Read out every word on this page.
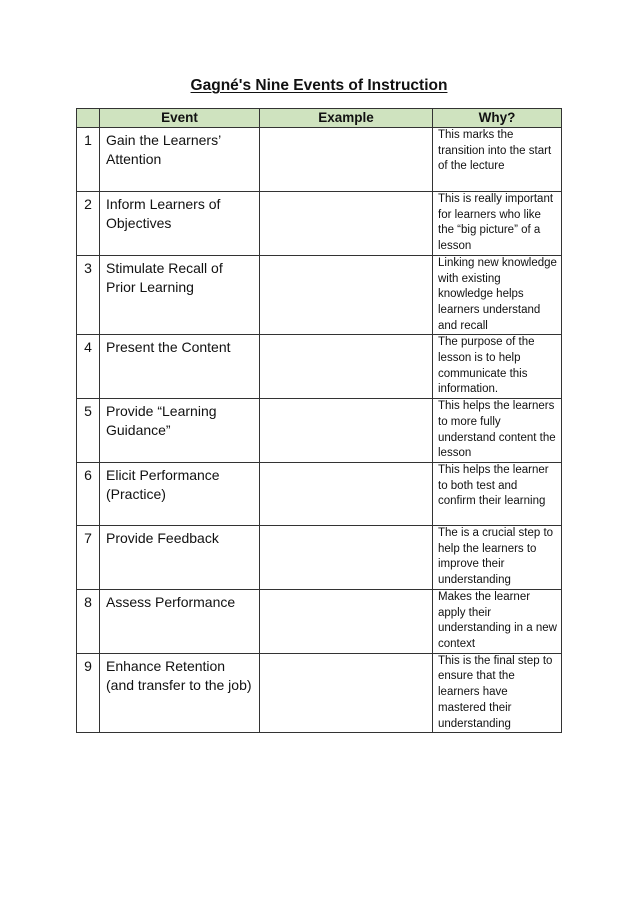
Gagné's Nine Events of Instruction
	Event	Example	Why?
1	Gain the Learners’ Attention		This marks the transition into the start of the lecture
2	Inform Learners of Objectives		This is really important for learners who like the “big picture” of a lesson
3	Stimulate Recall of Prior Learning		Linking new knowledge with existing knowledge helps learners understand and recall
4	Present the Content		The purpose of the lesson is to help communicate this information.
5	Provide “Learning Guidance”		This helps the learners to more fully understand content the lesson
6	Elicit Performance (Practice)		This helps the learner to both test and confirm their learning
7	Provide Feedback		The is a crucial step to help the learners to improve their understanding
8	Assess Performance		Makes the learner apply their understanding in a new context
9	Enhance Retention (and transfer to the job)		This is the final step to ensure that the learners have mastered their understanding
